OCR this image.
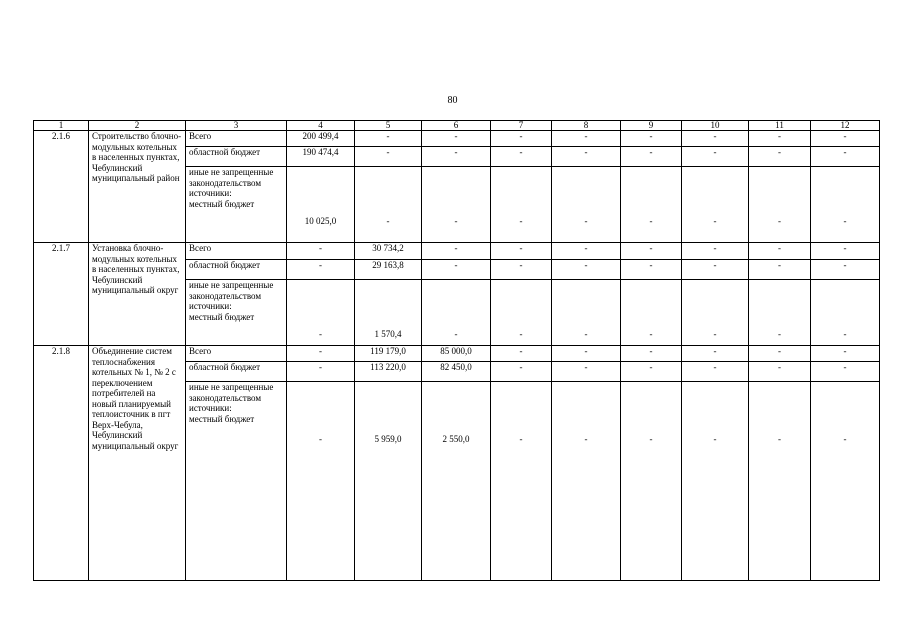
80
1	2	3	4	5	6	7	8	9	10	11	12
2.1.6	Строительство блочно-модульных котельных в населенных пунктах, Чебулинский муниципальный район	Всего	200 499,4	-	-	-	-	-	-	-	-

		областной бюджет	190 474,4	-	-	-	-	-	-	-	-

		иные не запрещенные законодательством источники:
местный бюджет	10 025,0	-	-	-	-	-	-	-	-
2.1.7	Установка блочно-модульных котельных в населенных пунктах, Чебулинский муниципальный округ	Всего	-	30 734,2	-	-	-	-	-	-	-

		областной бюджет	-	29 163,8	-	-	-	-	-	-	-

		иные не запрещенные законодательством источники:
местный бюджет	-	1 570,4	-	-	-	-	-	-	-
2.1.8	Объединение систем теплоснабжения котельных № 1, № 2 с переключением потребителей на новый планируемый теплоисточник в пгт Верх-Чебула, Чебулинский муниципальный округ	Всего	-	119 179,0	85 000,0	-	-	-	-	-	-

		областной бюджет	-	113 220,0	82 450,0	-	-	-	-	-	-

		иные не запрещенные законодательством источники:
местный бюджет	-	5 959,0	2 550,0	-	-	-	-	-	-
